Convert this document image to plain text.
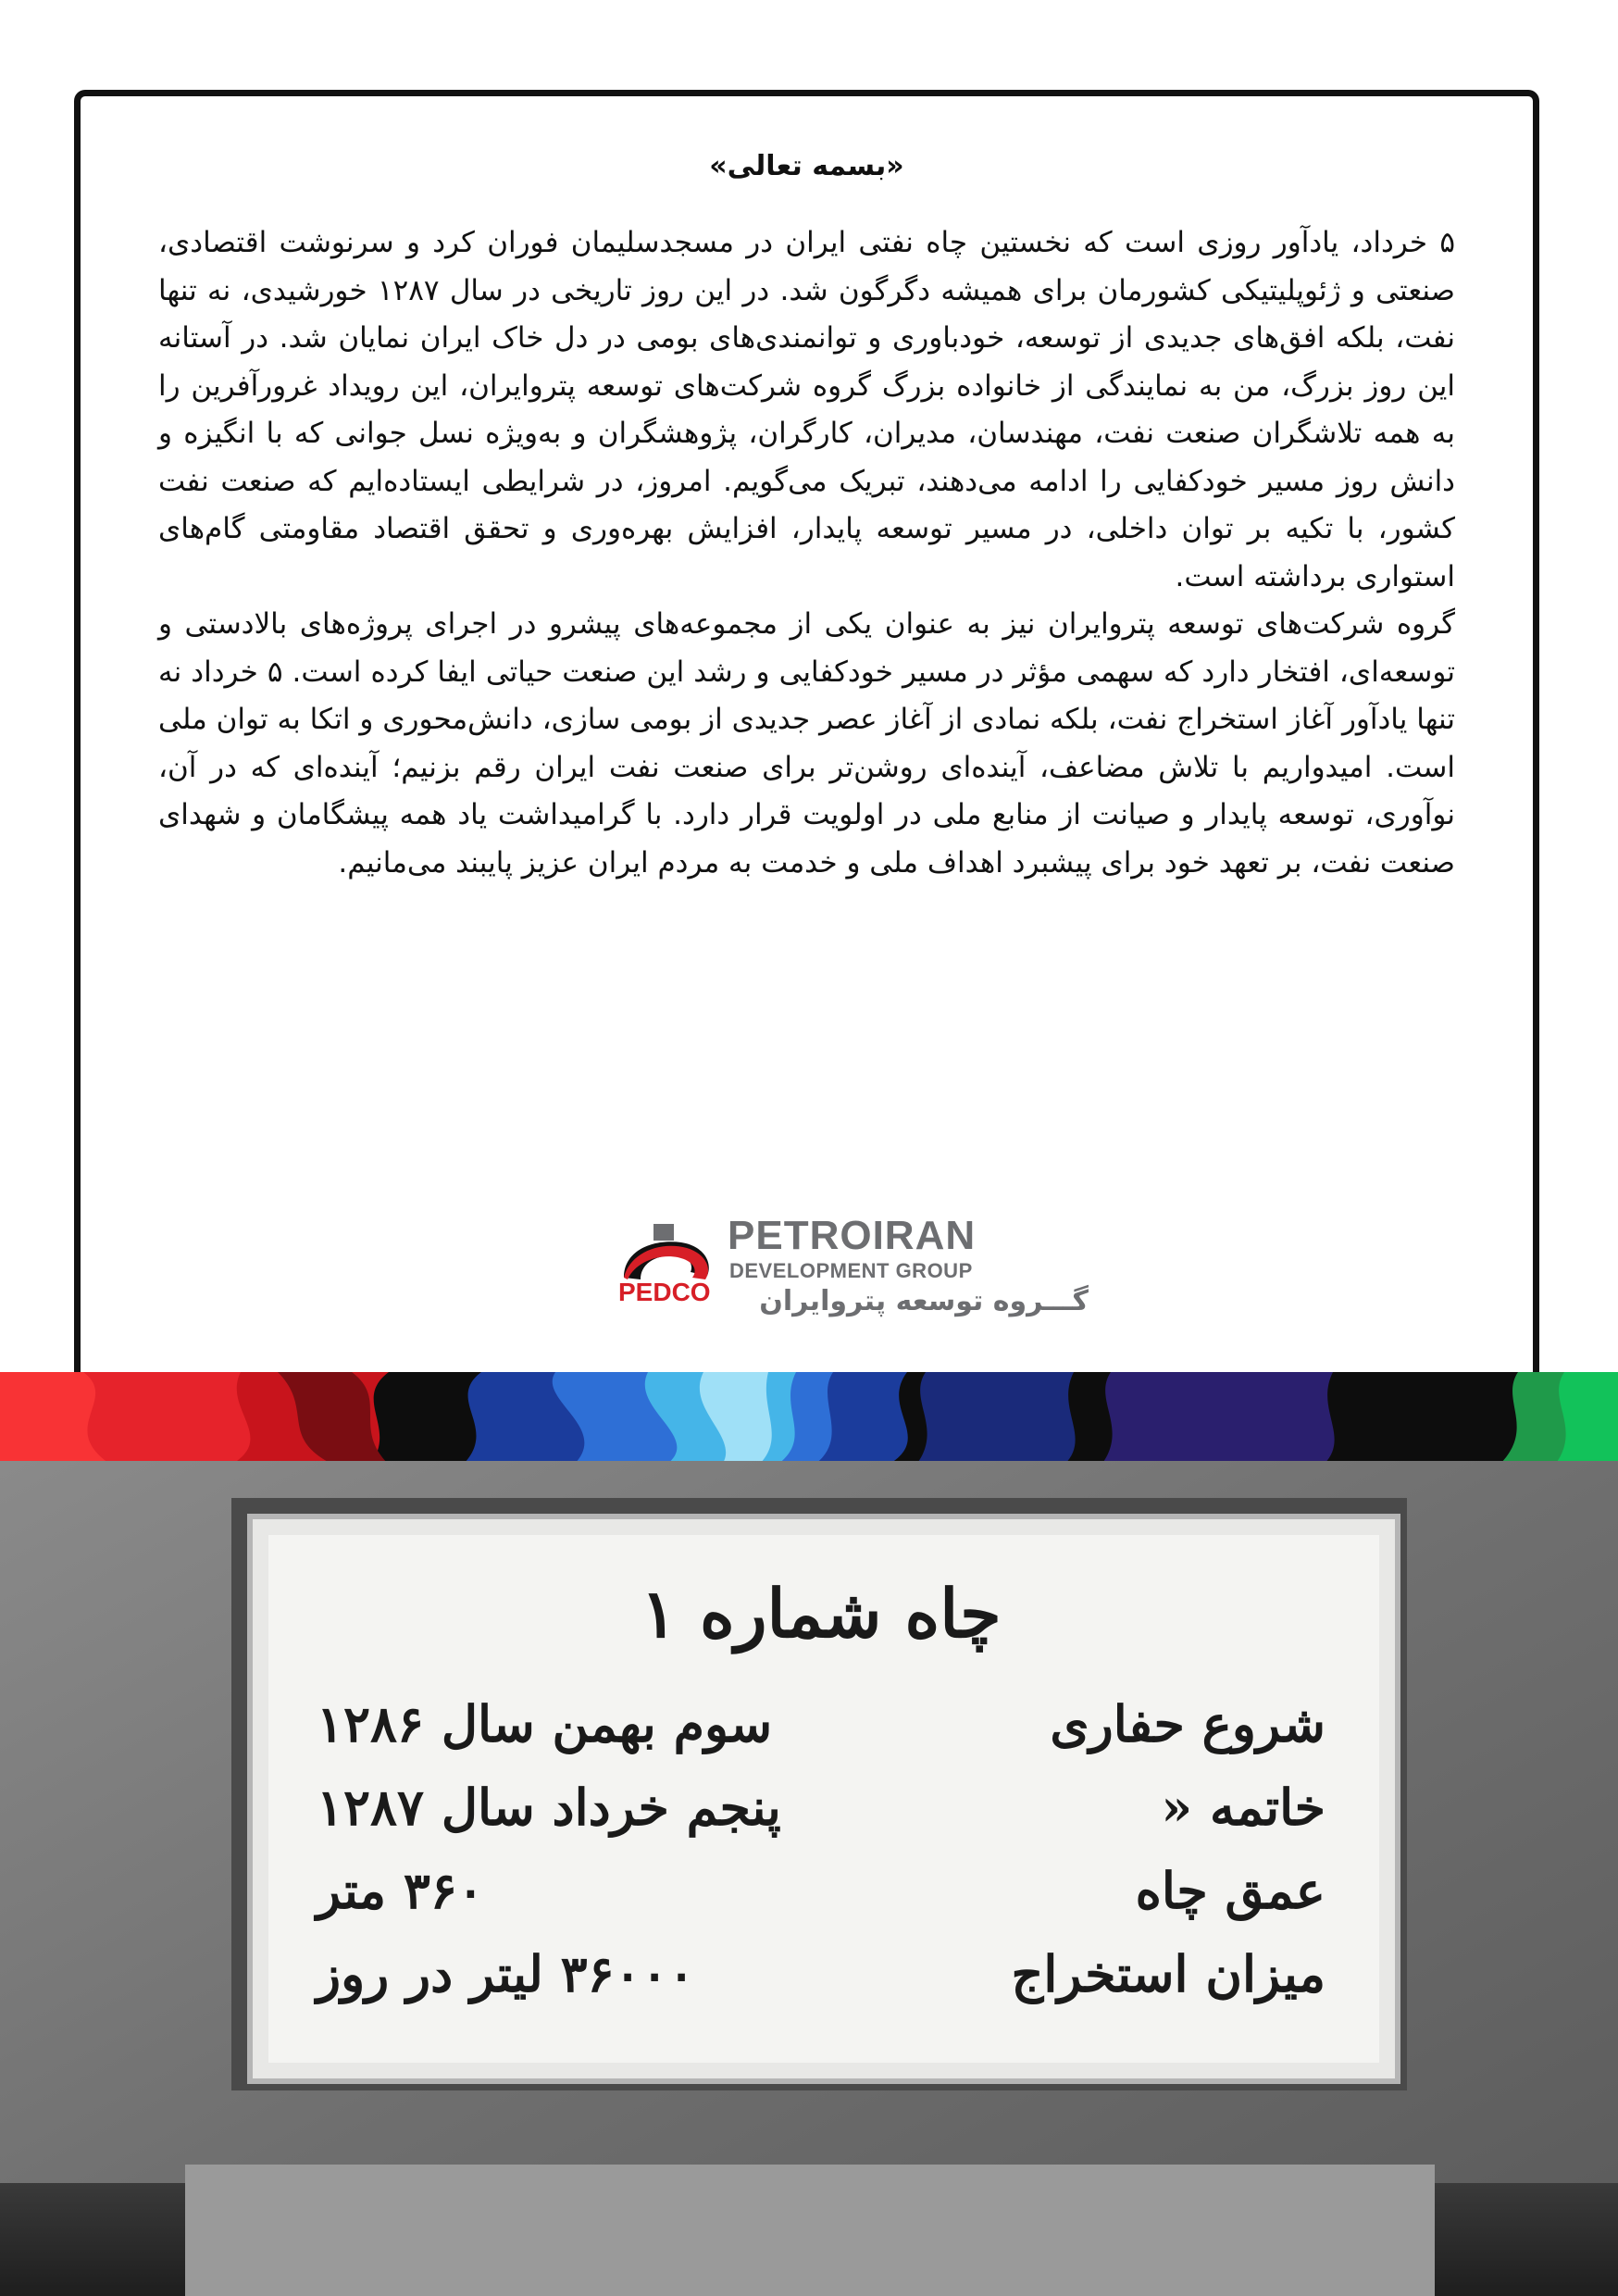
«بسمه تعالی»

۵ خرداد، یادآور روزی است که نخستین چاه نفتی ایران در مسجدسلیمان فوران کرد و سرنوشت اقتصادی، صنعتی و ژئوپلیتیکی کشورمان برای همیشه دگرگون شد. در این روز تاریخی در سال ۱۲۸۷ خورشیدی، نه تنها نفت، بلکه افق‌های جدیدی از توسعه، خودباوری و توانمندی‌های بومی در دل خاک ایران نمایان شد. در آستانه این روز بزرگ، من به نمایندگی از خانواده بزرگ گروه شرکت‌های توسعه پتروایران، این رویداد غرورآفرین را به همه تلاشگران صنعت نفت، مهندسان، مدیران، کارگران، پژوهشگران و به‌ویژه نسل جوانی که با انگیزه و دانش روز مسیر خودکفایی را ادامه می‌دهند، تبریک می‌گویم. امروز، در شرایطی ایستاده‌ایم که صنعت نفت کشور، با تکیه بر توان داخلی، در مسیر توسعه پایدار، افزایش بهره‌وری و تحقق اقتصاد مقاومتی گام‌های استواری برداشته است.

گروه شرکت‌های توسعه پتروایران نیز به عنوان یکی از مجموعه‌های پیشرو در اجرای پروژه‌های بالادستی و توسعه‌ای، افتخار دارد که سهمی مؤثر در مسیر خودکفایی و رشد این صنعت حیاتی ایفا کرده است. ۵ خرداد نه تنها یادآور آغاز استخراج نفت، بلکه نمادی از آغاز عصر جدیدی از بومی سازی، دانش‌محوری و اتکا به توان ملی است. امیدواریم با تلاش مضاعف، آینده‌ای روشن‌تر برای صنعت نفت ایران رقم بزنیم؛ آینده‌ای که در آن، نوآوری، توسعه پایدار و صیانت از منابع ملی در اولویت قرار دارد. با گرامیداشت یاد همه پیشگامان و شهدای صنعت نفت، بر تعهد خود برای پیشبرد اهداف ملی و خدمت به مردم ایران عزیز پایبند می‌مانیم.

PEDCO
PETROIRAN
DEVELOPMENT GROUP
گـــروه توسعه پتروایران
چاه شماره ۱
شروع حفاری
سوم بهمن سال ۱۲۸۶
خاتمه «
پنجم خرداد سال ۱۲۸۷
عمق چاه
۳۶۰ متر
میزان استخراج
۳۶۰۰۰ لیتر در روز
